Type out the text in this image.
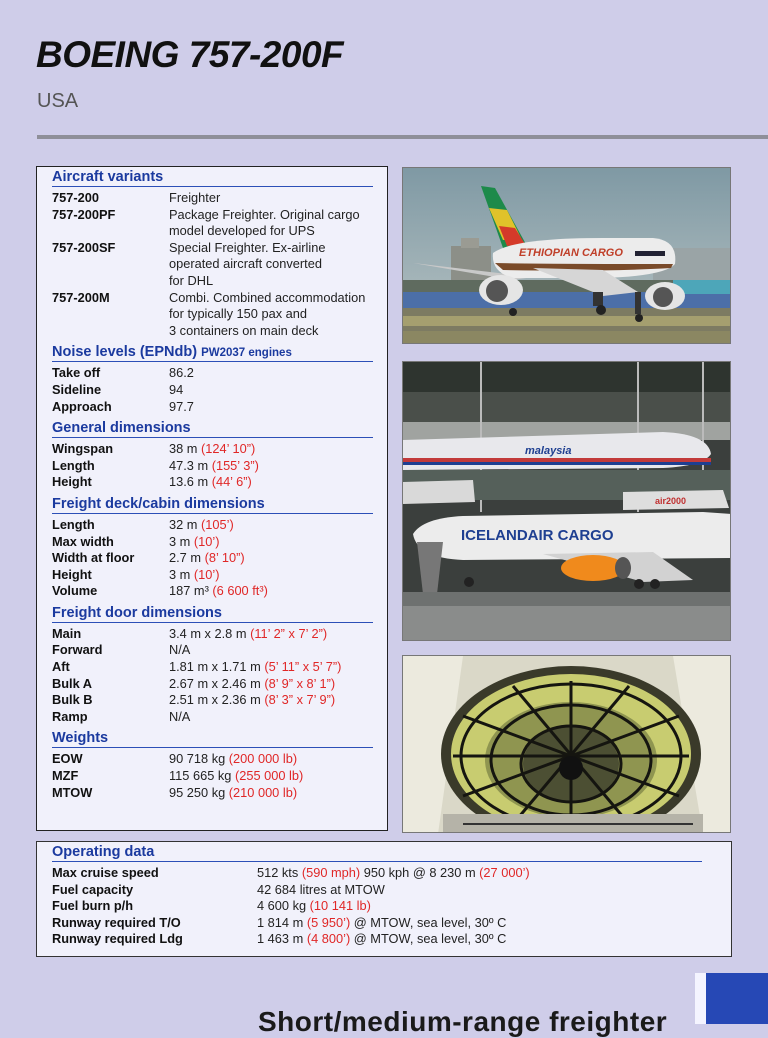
BOEING 757-200F
USA
Aircraft variants
757-200	Freighter
757-200PF	Package Freighter. Original cargo
model developed for UPS
757-200SF	Special Freighter. Ex-airline
operated aircraft converted
for DHL
757-200M	Combi. Combined accommodation
for typically 150 pax and
3 containers on main deck
Noise levels (EPNdb) PW2037 engines
Take off	86.2
Sideline	94
Approach	97.7
General dimensions
Wingspan	38 m (124’ 10”)
Length	47.3 m (155’ 3”)
Height	13.6 m (44’ 6”)
Freight deck/cabin dimensions
Length	32 m (105’)
Max width	3 m (10’)
Width at floor	2.7 m (8’ 10”)
Height	3 m (10’)
Volume	187 m³ (6 600 ft³)
Freight door dimensions
Main	3.4 m x 2.8 m (11’ 2” x 7’ 2”)
Forward	N/A
Aft	1.81 m x 1.71 m (5’ 11” x 5’ 7”)
Bulk A	2.67 m x 2.46 m (8’ 9” x 8’ 1”)
Bulk B	2.51 m x 2.36 m (8’ 3” x 7’ 9”)
Ramp	N/A
Weights
EOW	90 718 kg (200 000 lb)
MZF	115 665 kg (255 000 lb)
MTOW	95 250 kg (210 000 lb)
ETHIOPIAN CARGO
malaysia
air2000
ICELANDAIR CARGO
Operating data
Max cruise speed	512 kts (590 mph) 950 kph @ 8 230 m (27 000’)
Fuel capacity	42 684 litres at MTOW
Fuel burn p/h	4 600 kg (10 141 lb)
Runway required T/O	1 814 m (5 950’) @ MTOW, sea level, 30º C
Runway required Ldg	1 463 m (4 800’) @ MTOW, sea level, 30º C
Short/medium-range freighter
